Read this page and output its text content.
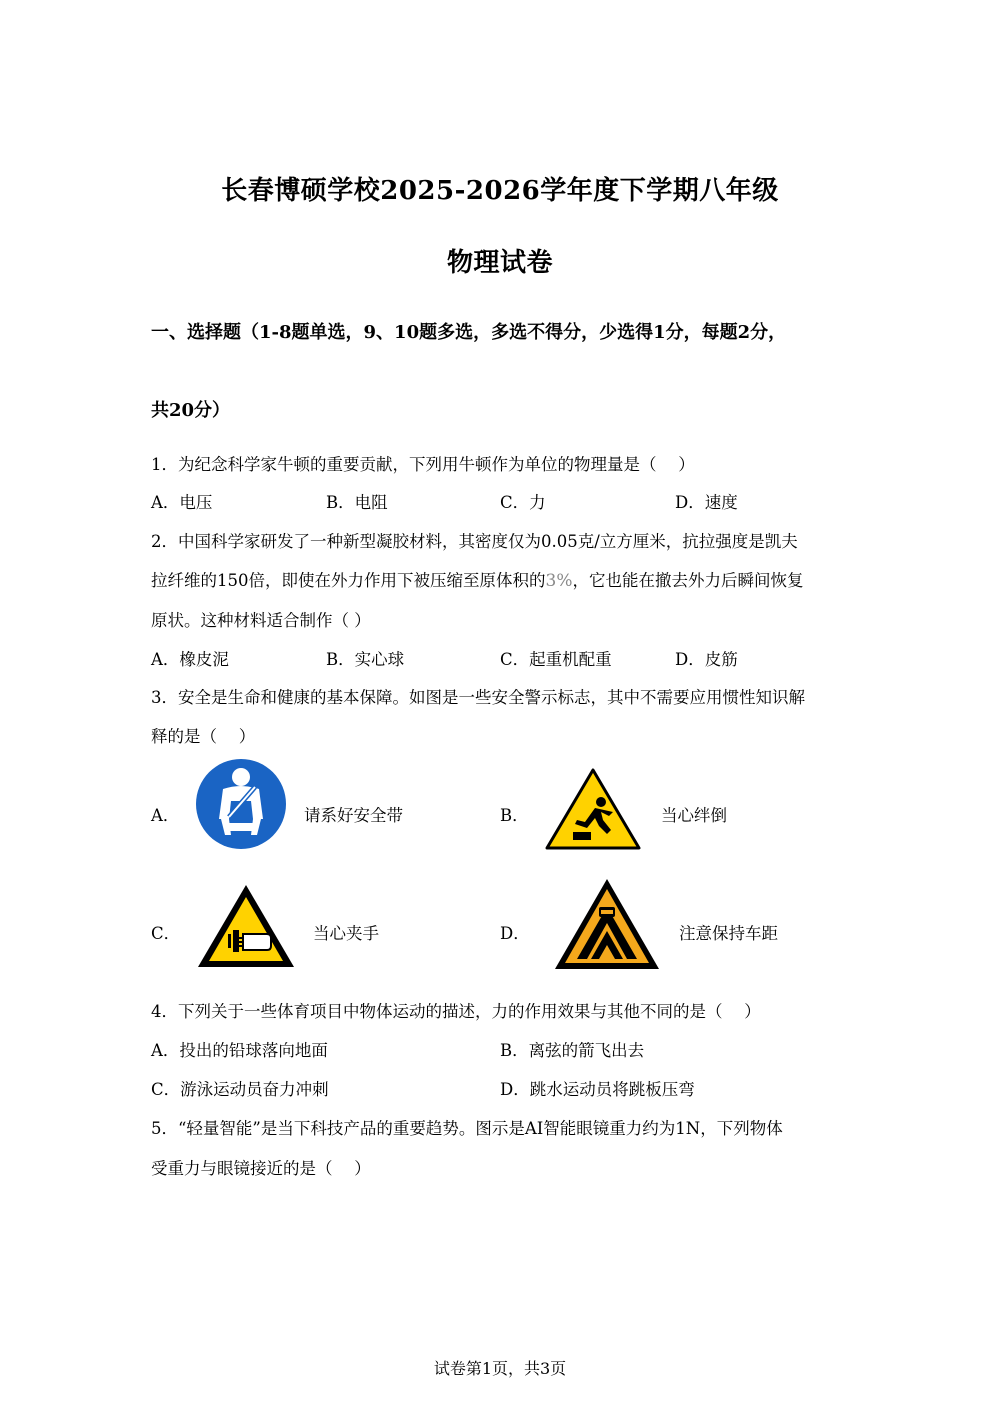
长春博硕学校2025-2026学年度下学期八年级
物理试卷
一、选择题（1-8题单选，9、10题多选，多选不得分，少选得1分，每题2分，
共20分）
1．为纪念科学家牛顿的重要贡献，下列用牛顿作为单位的物理量是（　 ）
A．电压	B．电阻	C．力	D．速度
2．中国科学家研发了一种新型凝胶材料，其密度仅为0.05克/立方厘米，抗拉强度是凯夫
拉纤维的150倍，即使在外力作用下被压缩至原体积的3%，它也能在撤去外力后瞬间恢复
原状。这种材料适合制作（ ）
A．橡皮泥	B．实心球	C．起重机配重	D．皮筋
3．安全是生命和健康的基本保障。如图是一些安全警示标志，其中不需要应用惯性知识解
释的是（　 ）
A．	请系好安全带	B．	当心绊倒
C．	当心夹手	D．	注意保持车距
4．下列关于一些体育项目中物体运动的描述，力的作用效果与其他不同的是（　 ）
A．投出的铅球落向地面	B．离弦的箭飞出去
C．游泳运动员奋力冲刺	D．跳水运动员将跳板压弯
5．“轻量智能”是当下科技产品的重要趋势。图示是AI智能眼镜重力约为1N，下列物体
受重力与眼镜接近的是（　 ）
试卷第1页，共3页
